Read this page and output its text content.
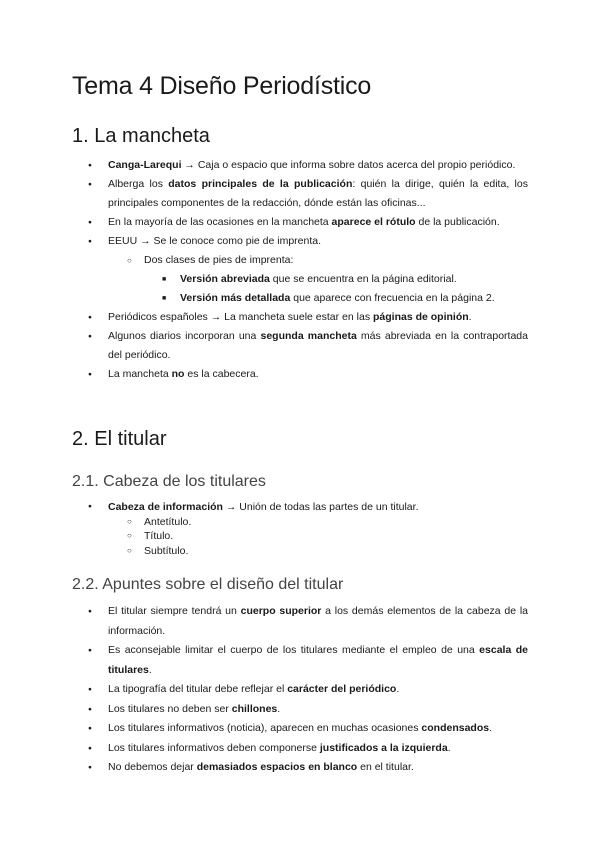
Tema 4 Diseño Periodístico
1. La mancheta
● Canga-Larequi → Caja o espacio que informa sobre datos acerca del propio periódico.
● Alberga los datos principales de la publicación: quién la dirige, quién la edita, los principales componentes de la redacción, dónde están las oficinas...
● En la mayoría de las ocasiones en la mancheta aparece el rótulo de la publicación.
● EEUU → Se le conoce como pie de imprenta.
○ Dos clases de pies de imprenta:
■ Versión abreviada que se encuentra en la página editorial.
■ Versión más detallada que aparece con frecuencia en la página 2.
● Periódicos españoles → La mancheta suele estar en las páginas de opinión.
● Algunos diarios incorporan una segunda mancheta más abreviada en la contraportada del periódico.
● La mancheta no es la cabecera.
2. El titular
2.1. Cabeza de los titulares
● Cabeza de información → Unión de todas las partes de un titular.
○ Antetítulo.
○ Título.
○ Subtítulo.
2.2. Apuntes sobre el diseño del titular
● El titular siempre tendrá un cuerpo superior a los demás elementos de la cabeza de la información.
● Es aconsejable limitar el cuerpo de los titulares mediante el empleo de una escala de titulares.
● La tipografía del titular debe reflejar el carácter del periódico.
● Los titulares no deben ser chillones.
● Los titulares informativos (noticia), aparecen en muchas ocasiones condensados.
● Los titulares informativos deben componerse justificados a la izquierda.
● No debemos dejar demasiados espacios en blanco en el titular.
